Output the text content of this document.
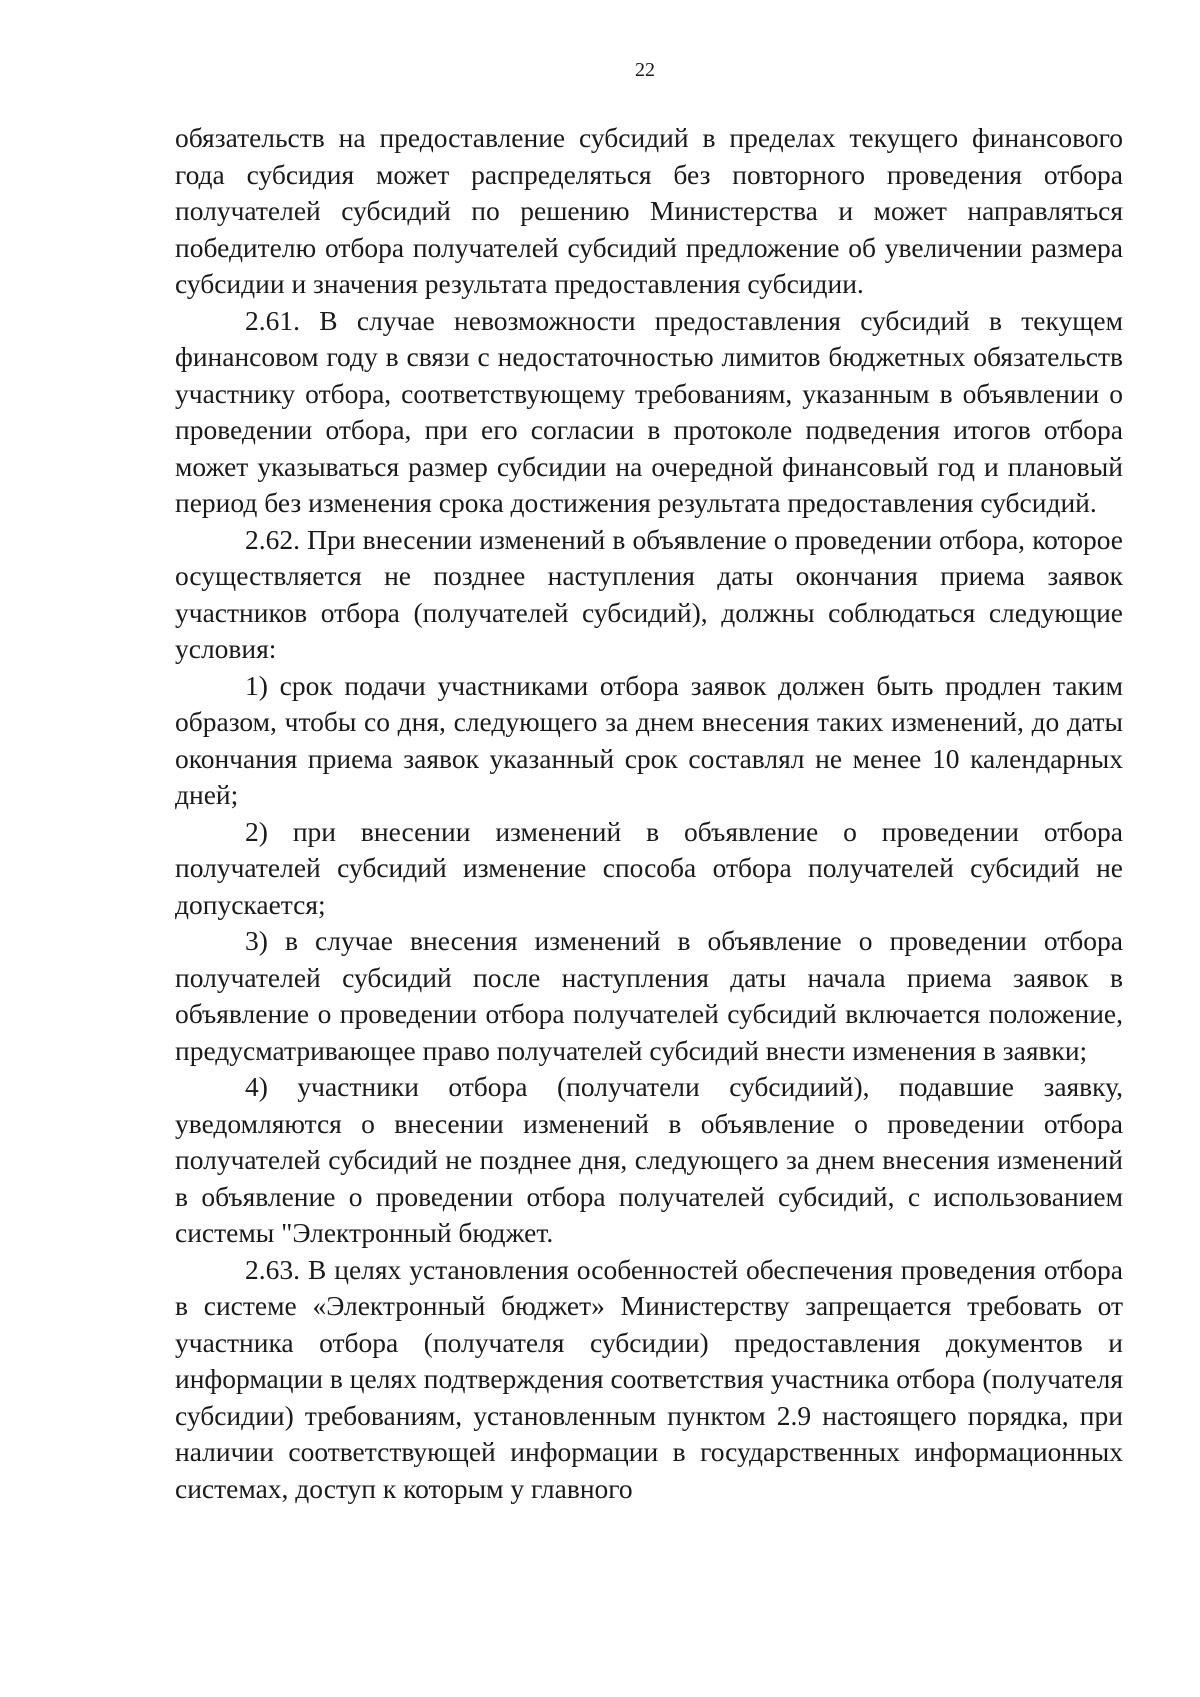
22

обязательств на предоставление субсидий в пределах текущего финансового года субсидия может распределяться без повторного проведения отбора получателей субсидий по решению Министерства и может направляться победителю отбора получателей субсидий предложение об увеличении размера субсидии и значения результата предоставления субсидии.

2.61. В случае невозможности предоставления субсидий в текущем финансовом году в связи с недостаточностью лимитов бюджетных обязательств участнику отбора, соответствующему требованиям, указанным в объявлении о проведении отбора, при его согласии в протоколе подведения итогов отбора может указываться размер субсидии на очередной финансовый год и плановый период без изменения срока достижения результата предоставления субсидий.

2.62. При внесении изменений в объявление о проведении отбора, которое осуществляется не позднее наступления даты окончания приема заявок участников отбора (получателей субсидий), должны соблюдаться следующие условия:

1) срок подачи участниками отбора заявок должен быть продлен таким образом, чтобы со дня, следующего за днем внесения таких изменений, до даты окончания приема заявок указанный срок составлял не менее 10 календарных дней;

2) при внесении изменений в объявление о проведении отбора получателей субсидий изменение способа отбора получателей субсидий не допускается;

3) в случае внесения изменений в объявление о проведении отбора получателей субсидий после наступления даты начала приема заявок в объявление о проведении отбора получателей субсидий включается положение, предусматривающее право получателей субсидий внести изменения в заявки;

4) участники отбора (получатели субсидиий), подавшие заявку, уведомляются о внесении изменений в объявление о проведении отбора получателей субсидий не позднее дня, следующего за днем внесения изменений в объявление о проведении отбора получателей субсидий, с использованием системы "Электронный бюджет.

2.63. В целях установления особенностей обеспечения проведения отбора в системе «Электронный бюджет» Министерству запрещается требовать от участника отбора (получателя субсидии) предоставления документов и информации в целях подтверждения соответствия участника отбора (получателя субсидии) требованиям, установленным пунктом 2.9 настоящего порядка, при наличии соответствующей информации в государственных информационных системах, доступ к которым у главного
